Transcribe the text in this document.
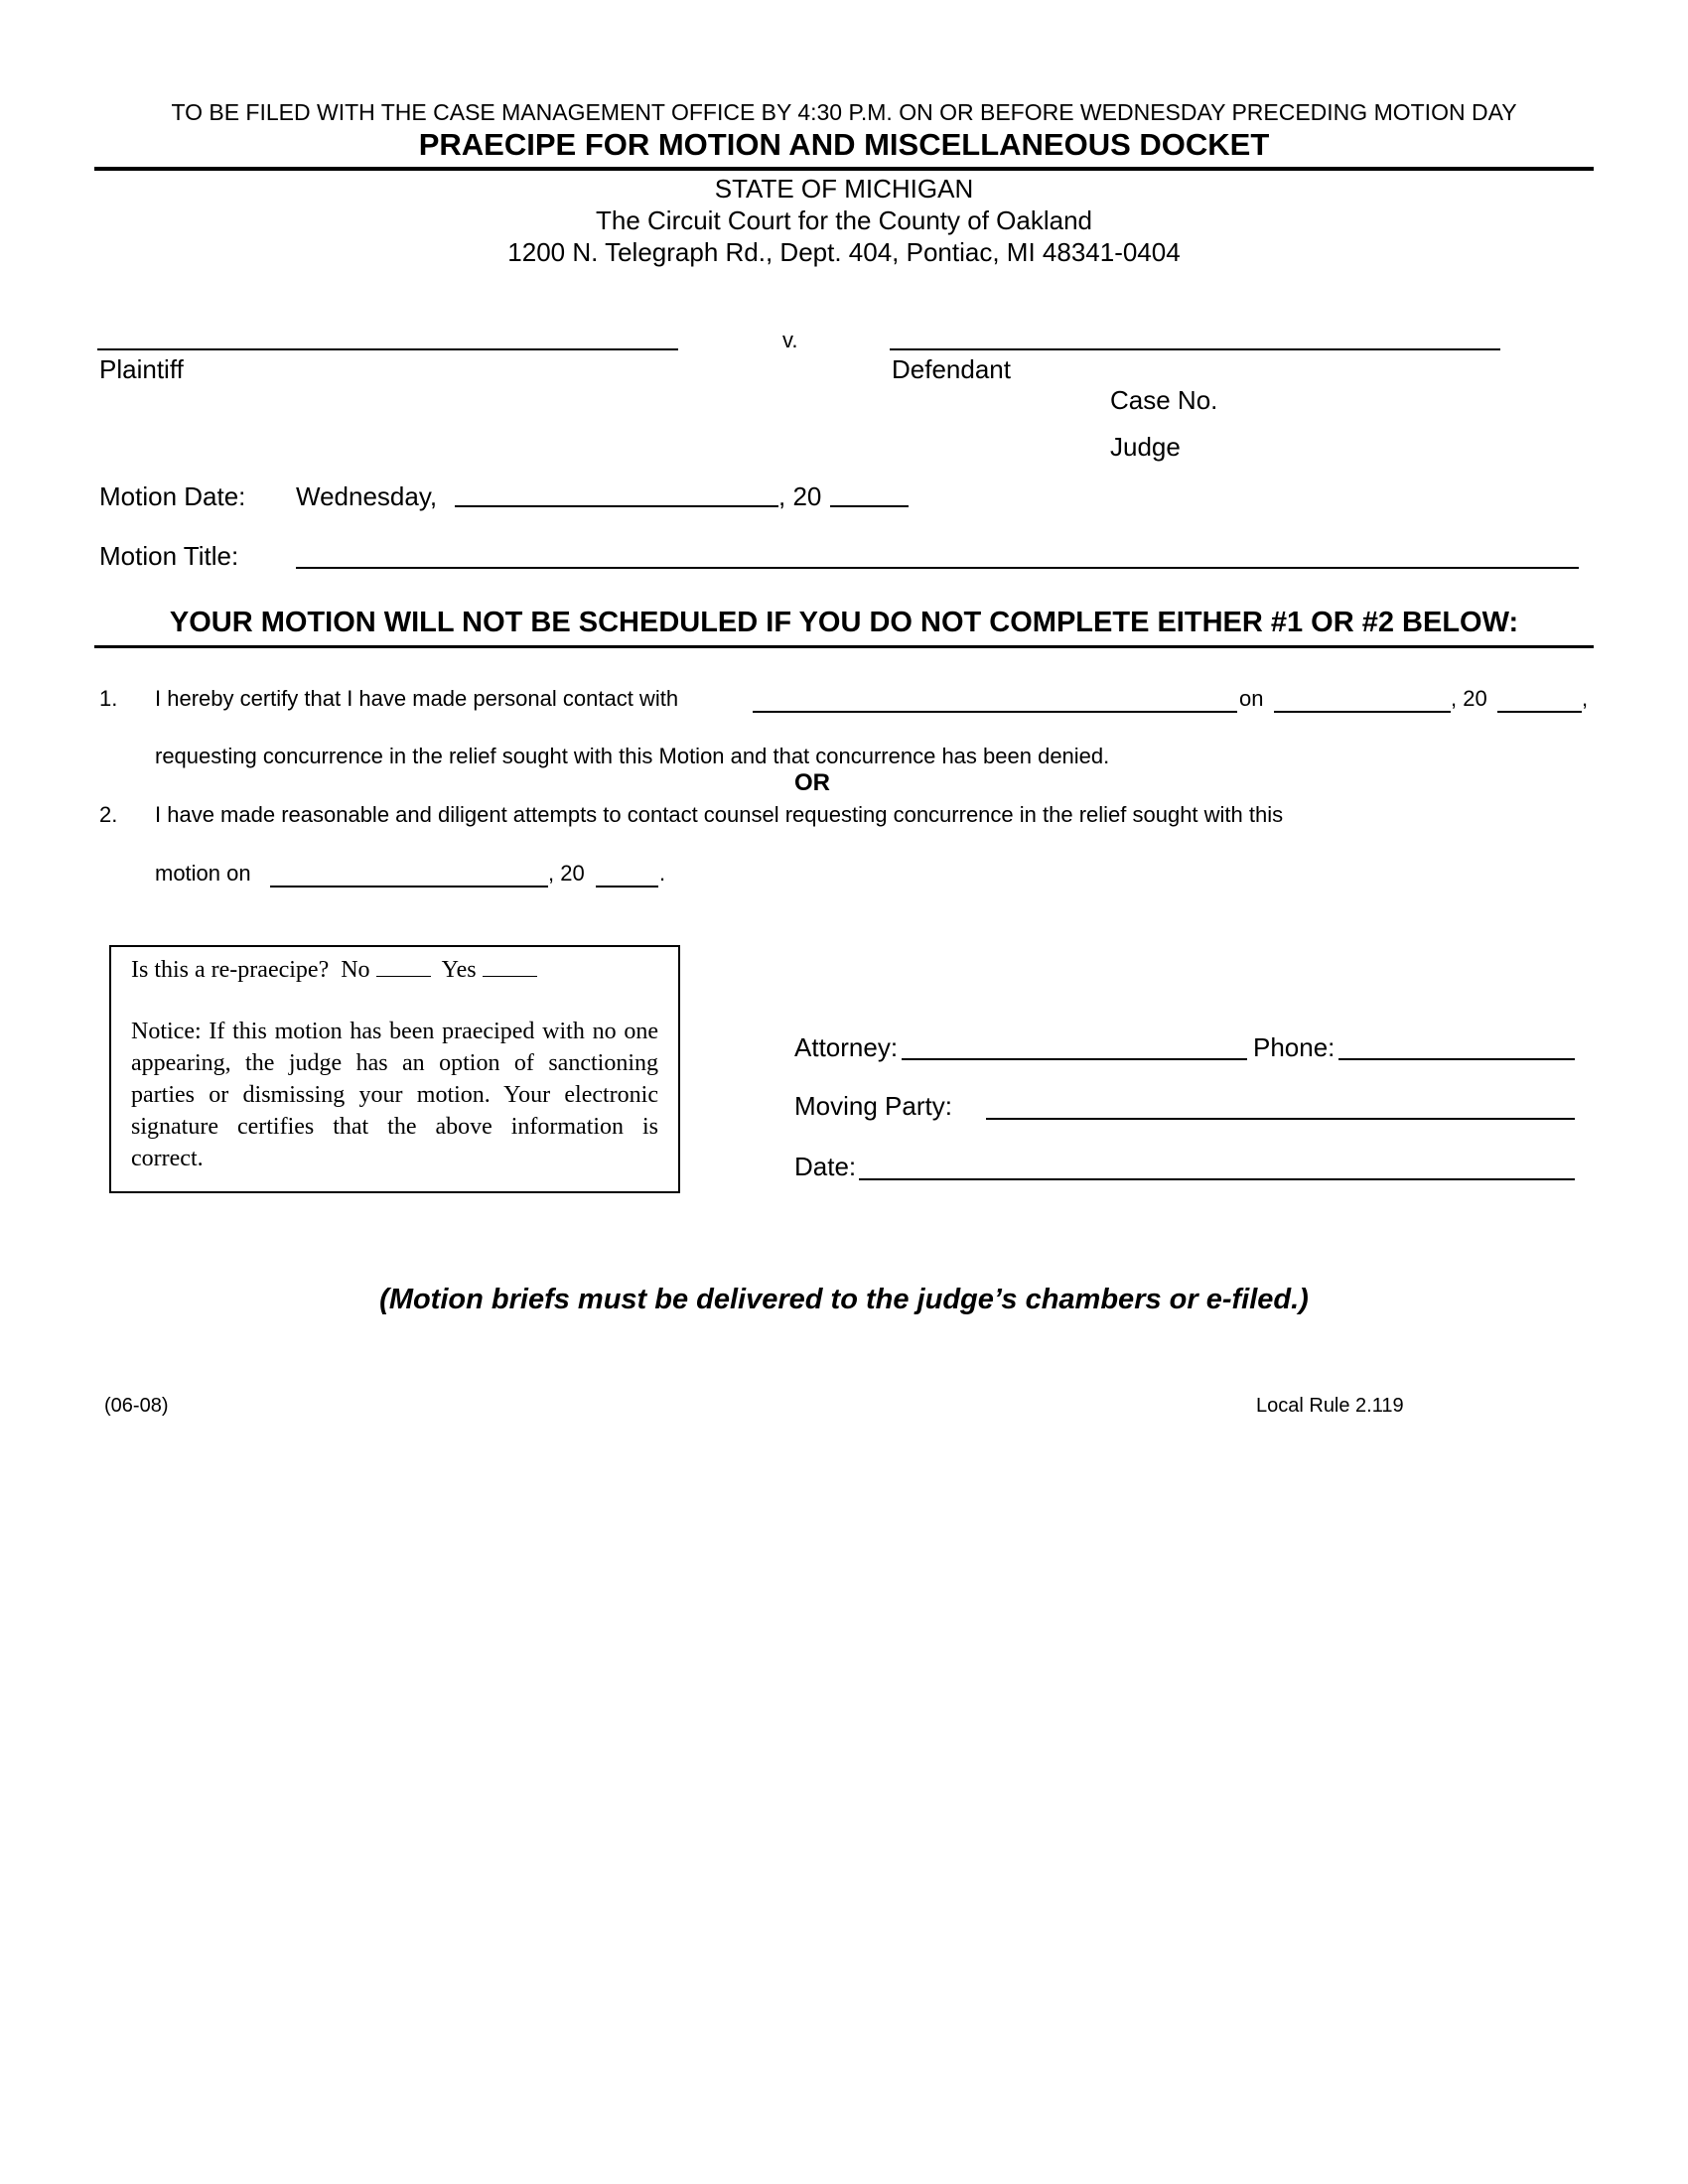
TO BE FILED WITH THE CASE MANAGEMENT OFFICE BY 4:30 P.M. ON OR BEFORE WEDNESDAY PRECEDING MOTION DAY
PRAECIPE FOR MOTION AND MISCELLANEOUS DOCKET
STATE OF MICHIGAN
The Circuit Court for the County of Oakland
1200 N. Telegraph Rd., Dept. 404, Pontiac, MI 48341-0404
Plaintiff
v.
Defendant
Case No.
Judge
Motion Date: Wednesday,	, 20
Motion Title:
YOUR MOTION WILL NOT BE SCHEDULED IF YOU DO NOT COMPLETE EITHER #1 OR #2 BELOW:
1. I hereby certify that I have made personal contact with	on	, 20	,
requesting concurrence in the relief sought with this Motion and that concurrence has been denied.
OR
2. I have made reasonable and diligent attempts to contact counsel requesting concurrence in the relief sought with this
motion on	, 20	.
Is this a re-praecipe? No	Yes
Notice: If this motion has been praeciped with no one appearing, the judge has an option of sanctioning parties or dismissing your motion. Your electronic signature certifies that the above information is correct.
Attorney:	Phone:
Moving Party:
Date:
(Motion briefs must be delivered to the judge’s chambers or e-filed.)
(06-08)	Local Rule 2.119
